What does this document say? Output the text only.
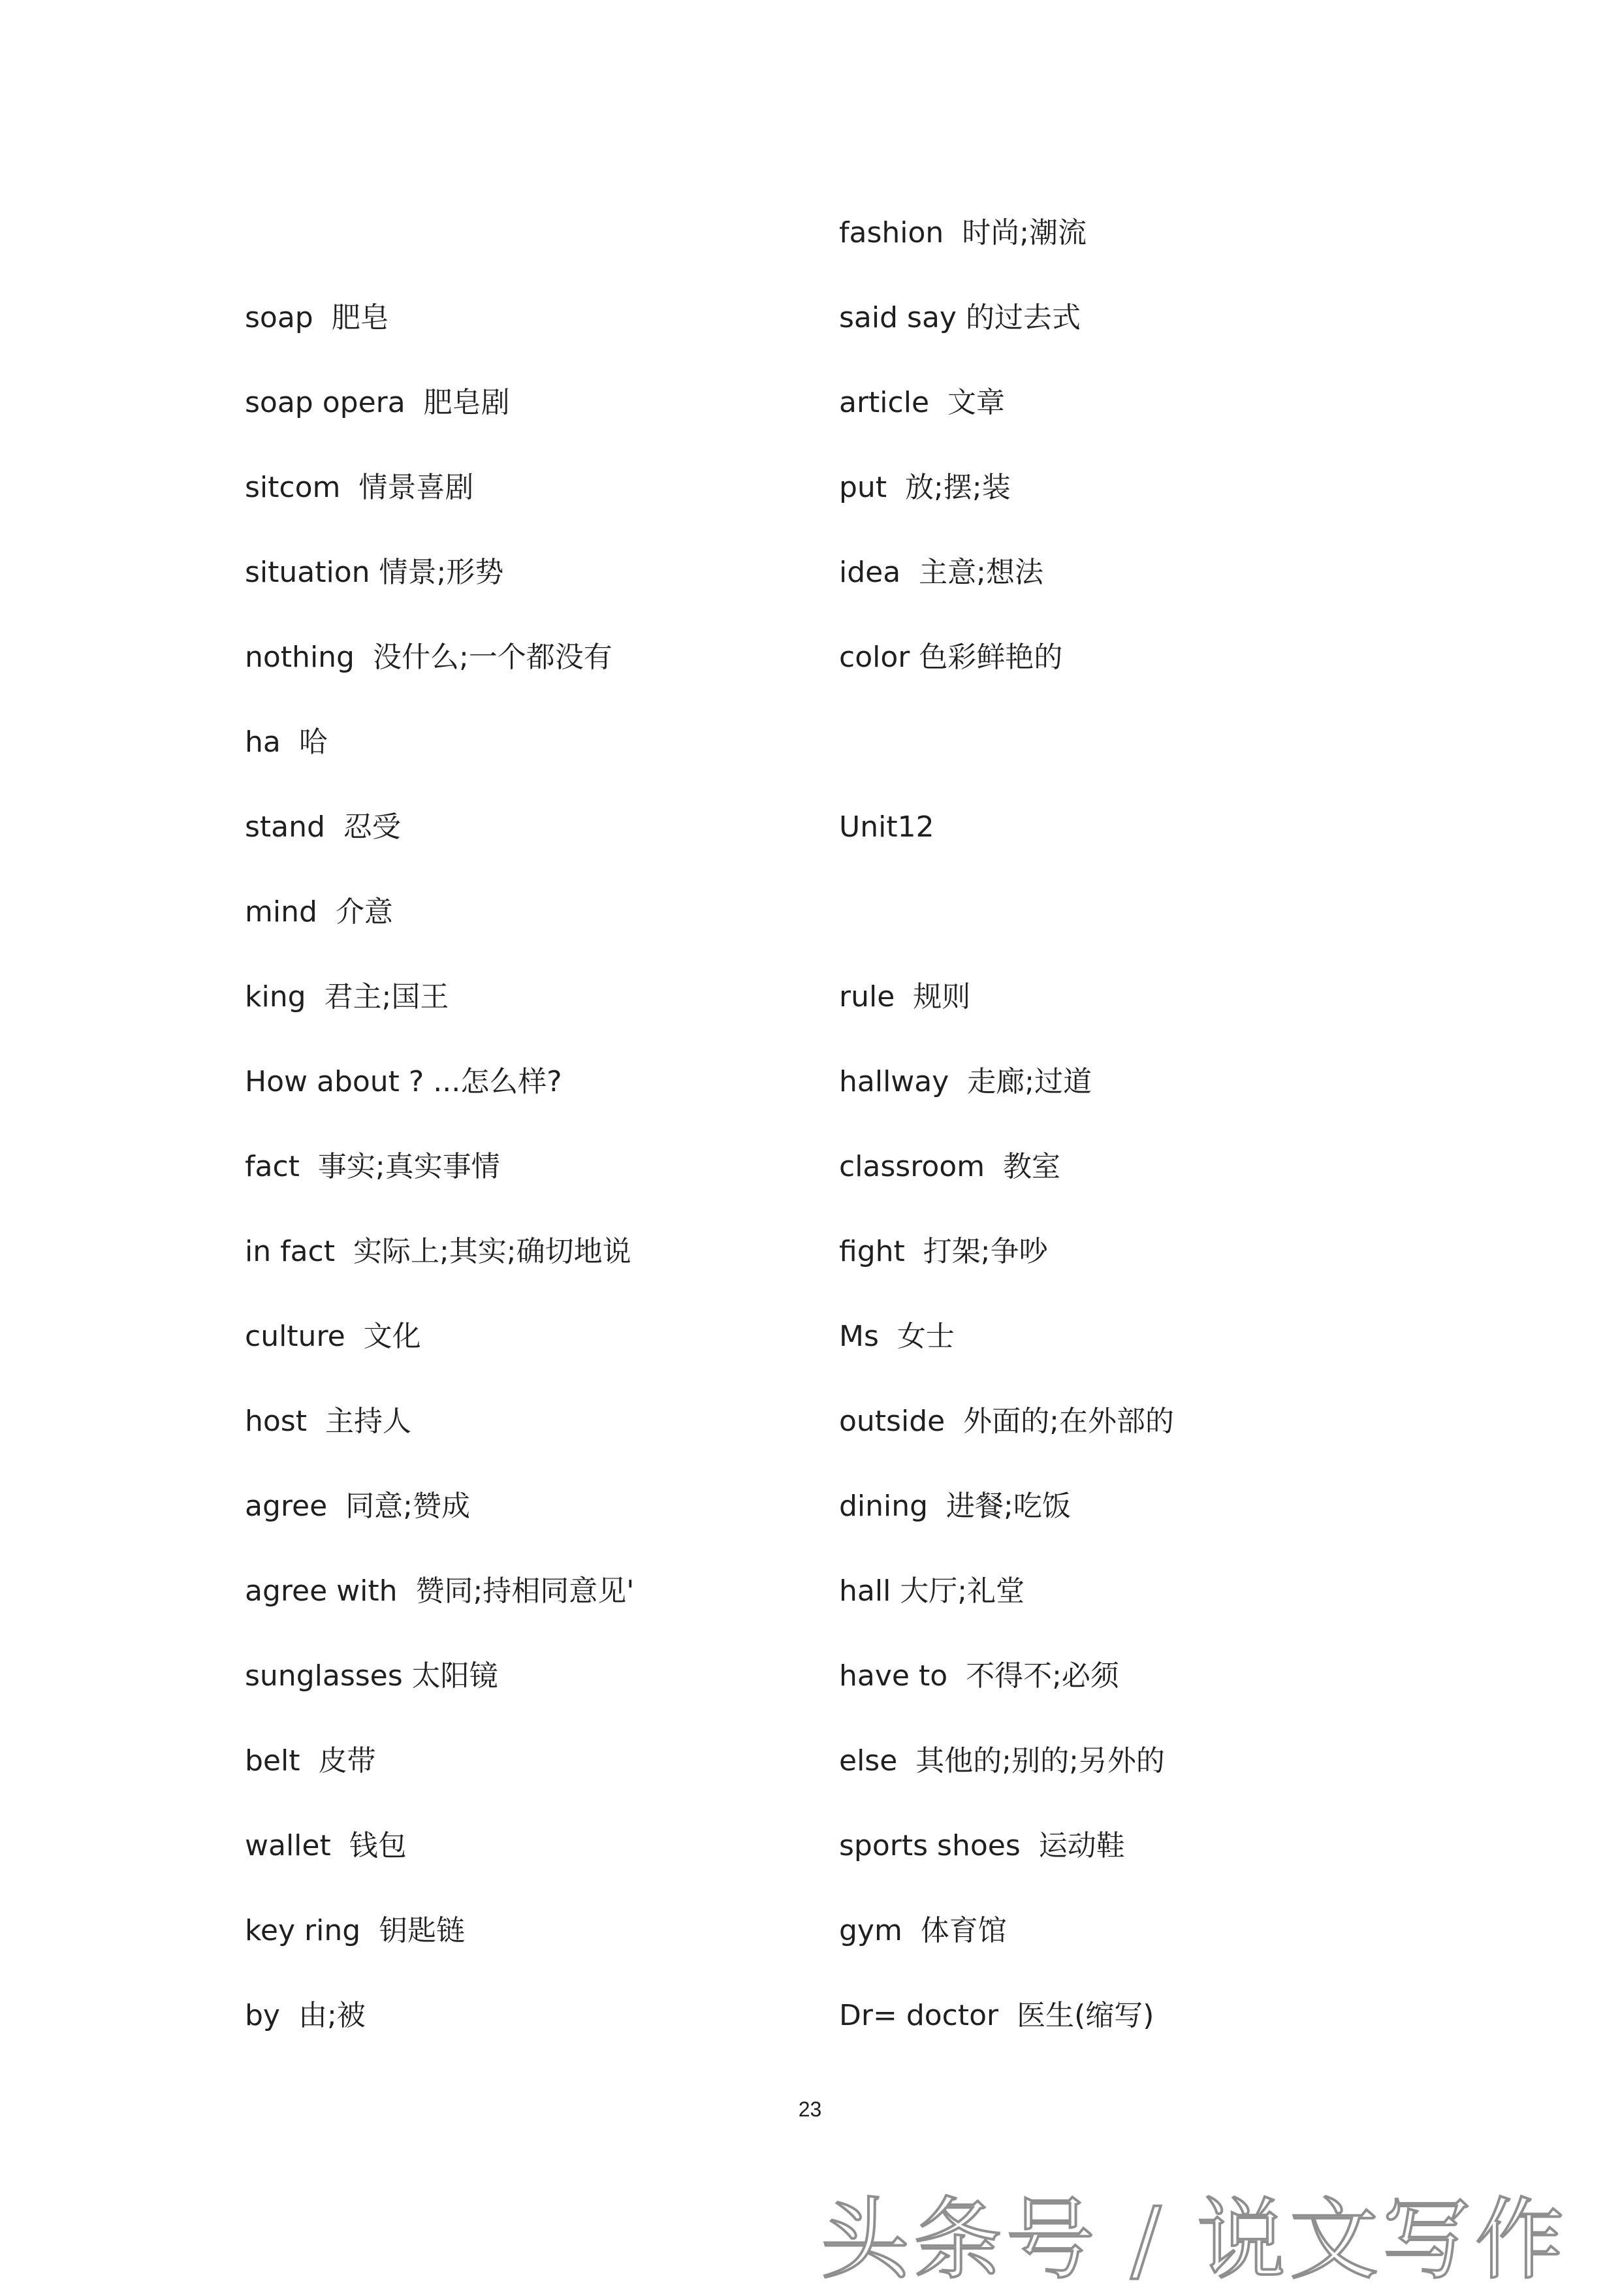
soap  肥皂
soap opera  肥皂剧
sitcom  情景喜剧
situation 情景;形势
nothing  没什么;一个都没有
ha  哈
stand  忍受
mind  介意
king  君主;国王
How about ? ...怎么样?
fact  事实;真实事情
in fact  实际上;其实;确切地说
culture  文化
host  主持人
agree  同意;赞成
agree with  赞同;持相同意见'
sunglasses 太阳镜
belt  皮带
wallet  钱包
key ring  钥匙链
by  由;被
fashion  时尚;潮流
said say 的过去式
article  文章
put  放;摆;装
idea  主意;想法
color 色彩鲜艳的
Unit12
rule  规则
hallway  走廊;过道
classroom  教室
fight  打架;争吵
Ms  女士
outside  外面的;在外部的
dining  进餐;吃饭
hall 大厅;礼堂
have to  不得不;必须
else  其他的;别的;另外的
sports shoes  运动鞋
gym  体育馆
Dr= doctor  医生(缩写)
23
头条号 / 说文写作
